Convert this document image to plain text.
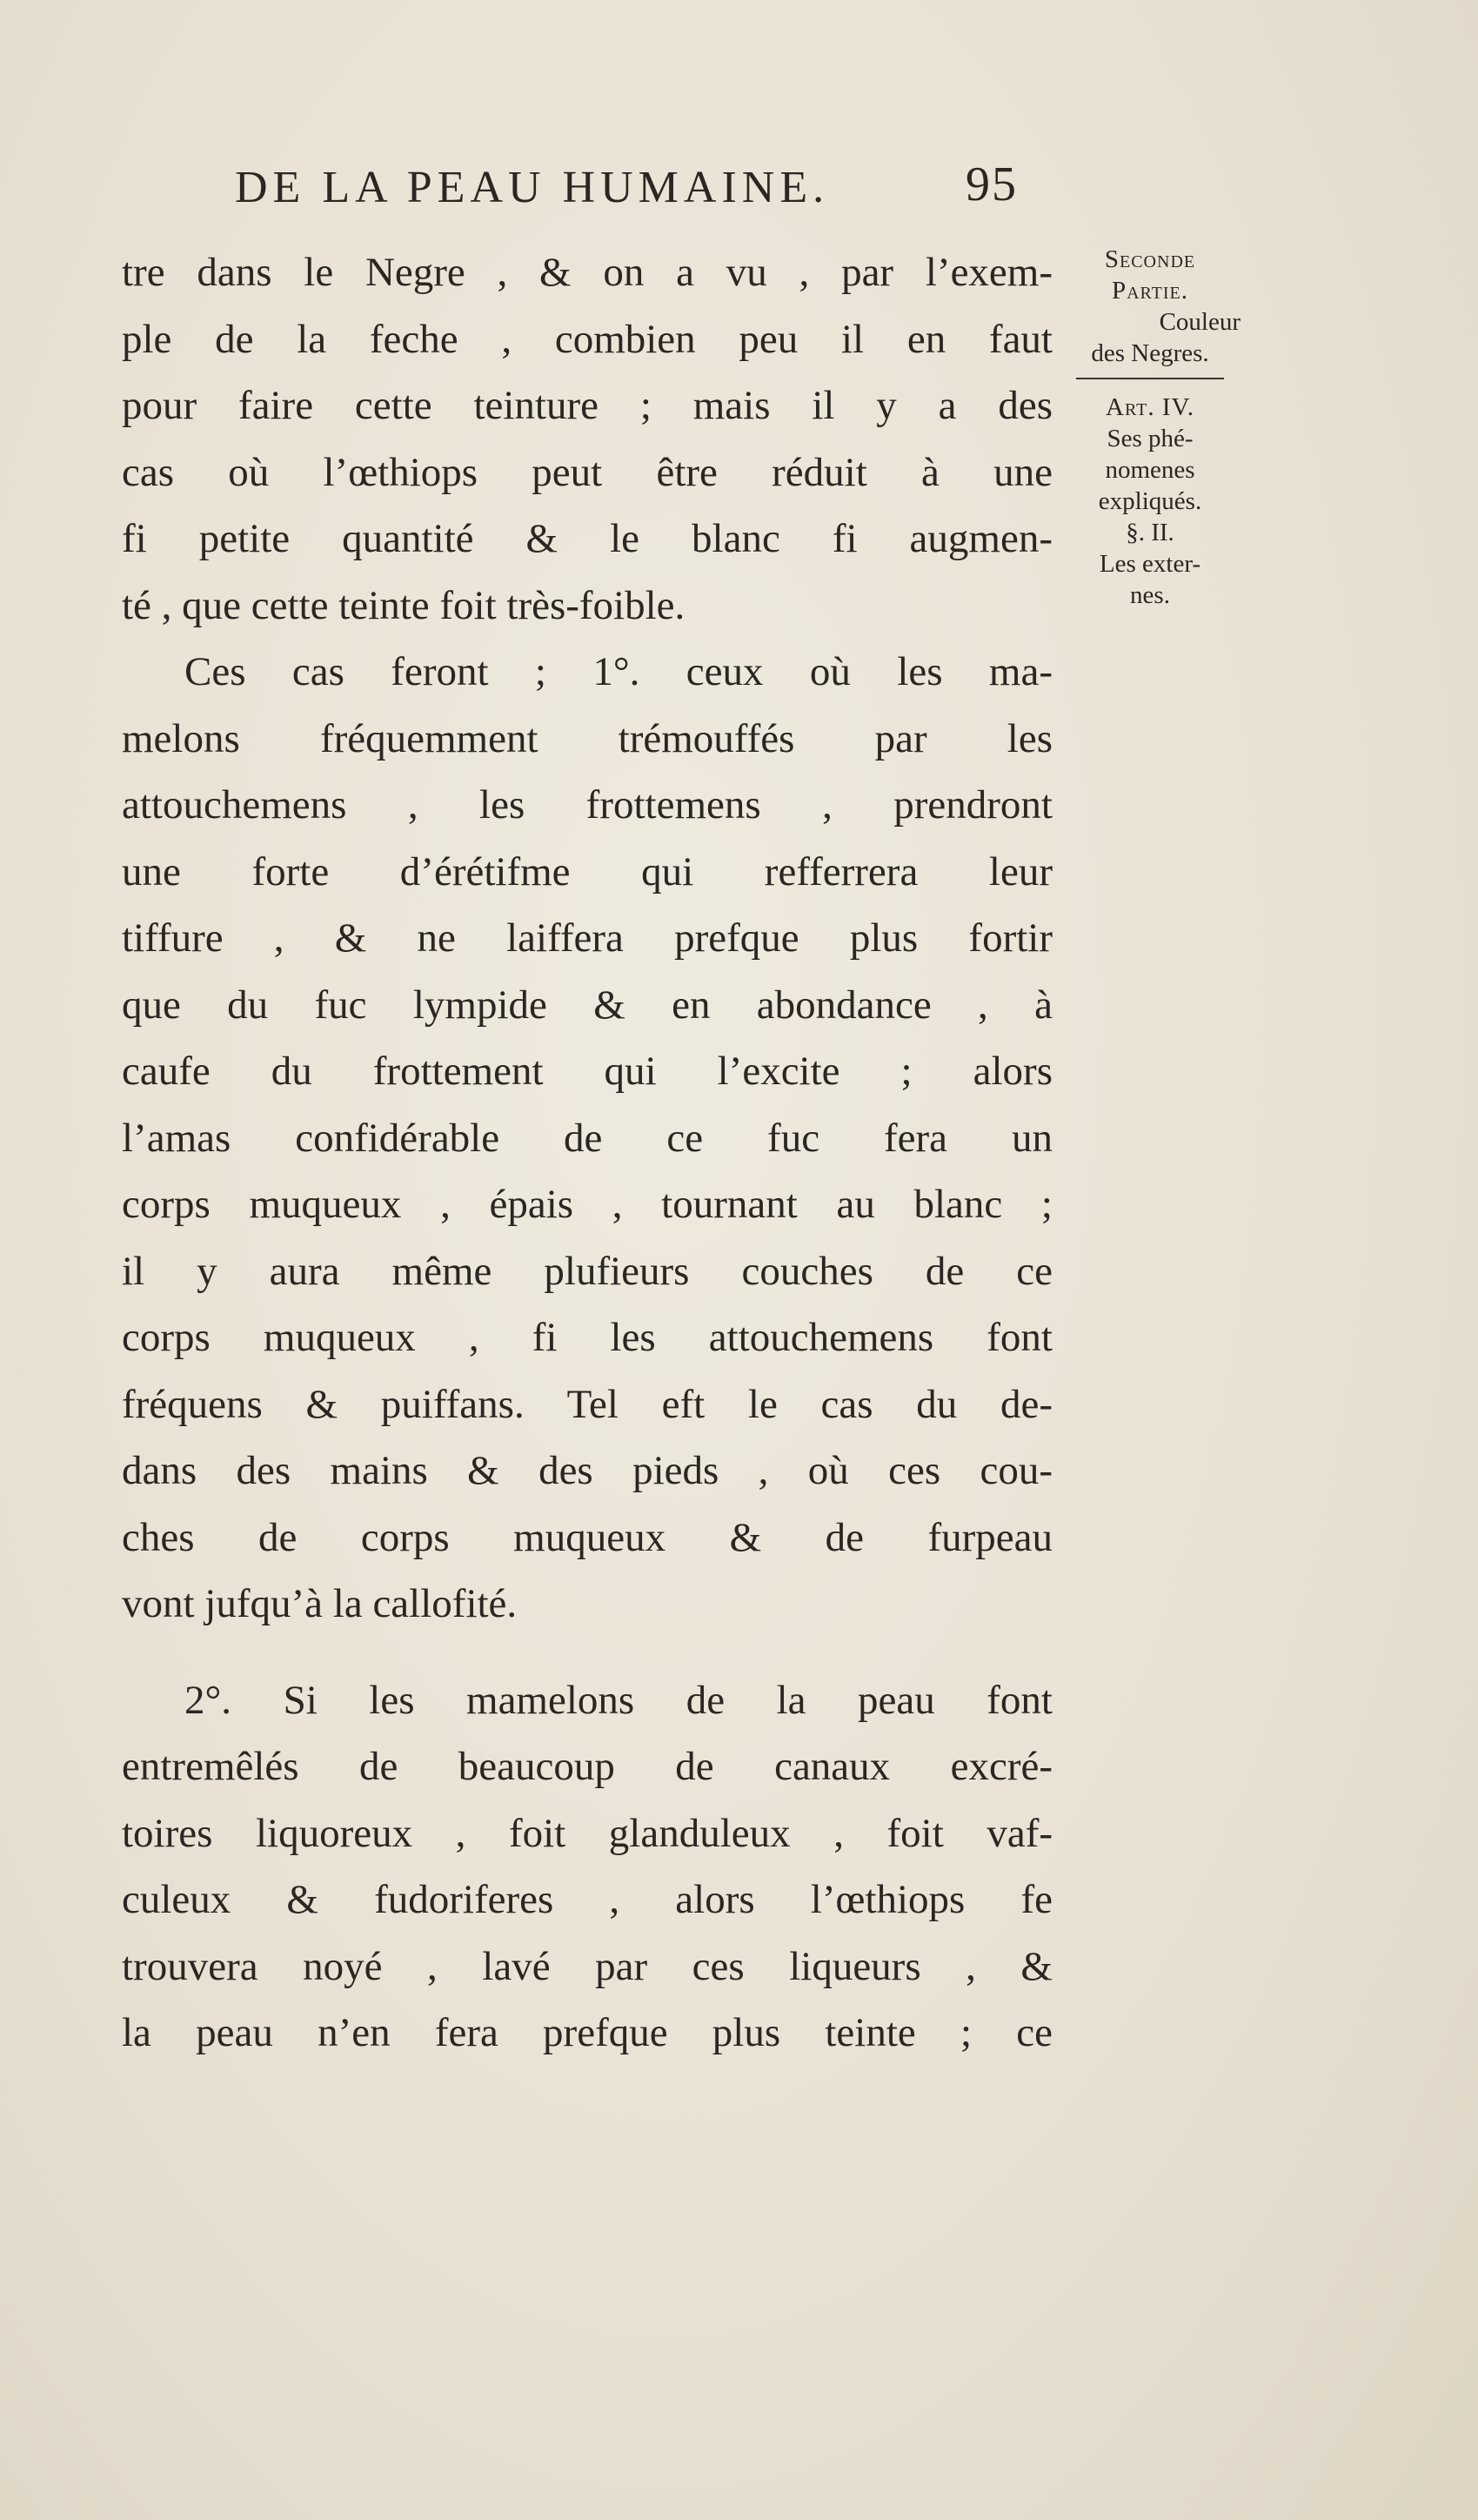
DE LA PEAU HUMAINE.	95
tre dans le Negre , & on a vu , par l’exem-
ple de la feche , combien peu il en faut
pour faire cette teinture ; mais il y a des
cas où l’œthiops peut être réduit à une
fi petite quantité & le blanc fi augmen-
té , que cette teinte foit très-foible.
Ces cas feront ; 1°. ceux où les ma-
melons fréquemment trémouffés par les
attouchemens , les frottemens , prendront
une forte d’érétifme qui refferrera leur
tiffure , & ne laiffera prefque plus fortir
que du fuc lympide & en abondance , à
caufe du frottement qui l’excite ; alors
l’amas confidérable de ce fuc fera un
corps muqueux , épais , tournant au blanc ;
il y aura même plufieurs couches de ce
corps muqueux , fi les attouchemens font
fréquens & puiffans. Tel eft le cas du de-
dans des mains & des pieds , où ces cou-
ches de corps muqueux & de furpeau
vont jufqu’à la callofité.
2°. Si les mamelons de la peau font
entremêlés de beaucoup de canaux excré-
toires liquoreux , foit glanduleux , foit vaf-
culeux & fudoriferes , alors l’œthiops fe
trouvera noyé , lavé par ces liqueurs , &
la peau n’en fera prefque plus teinte ; ce
Seconde
Partie.
Couleur
des Negres.
Art. IV.
Ses phé-
nomenes
expliqués.
§. II.
Les exter-
nes.
